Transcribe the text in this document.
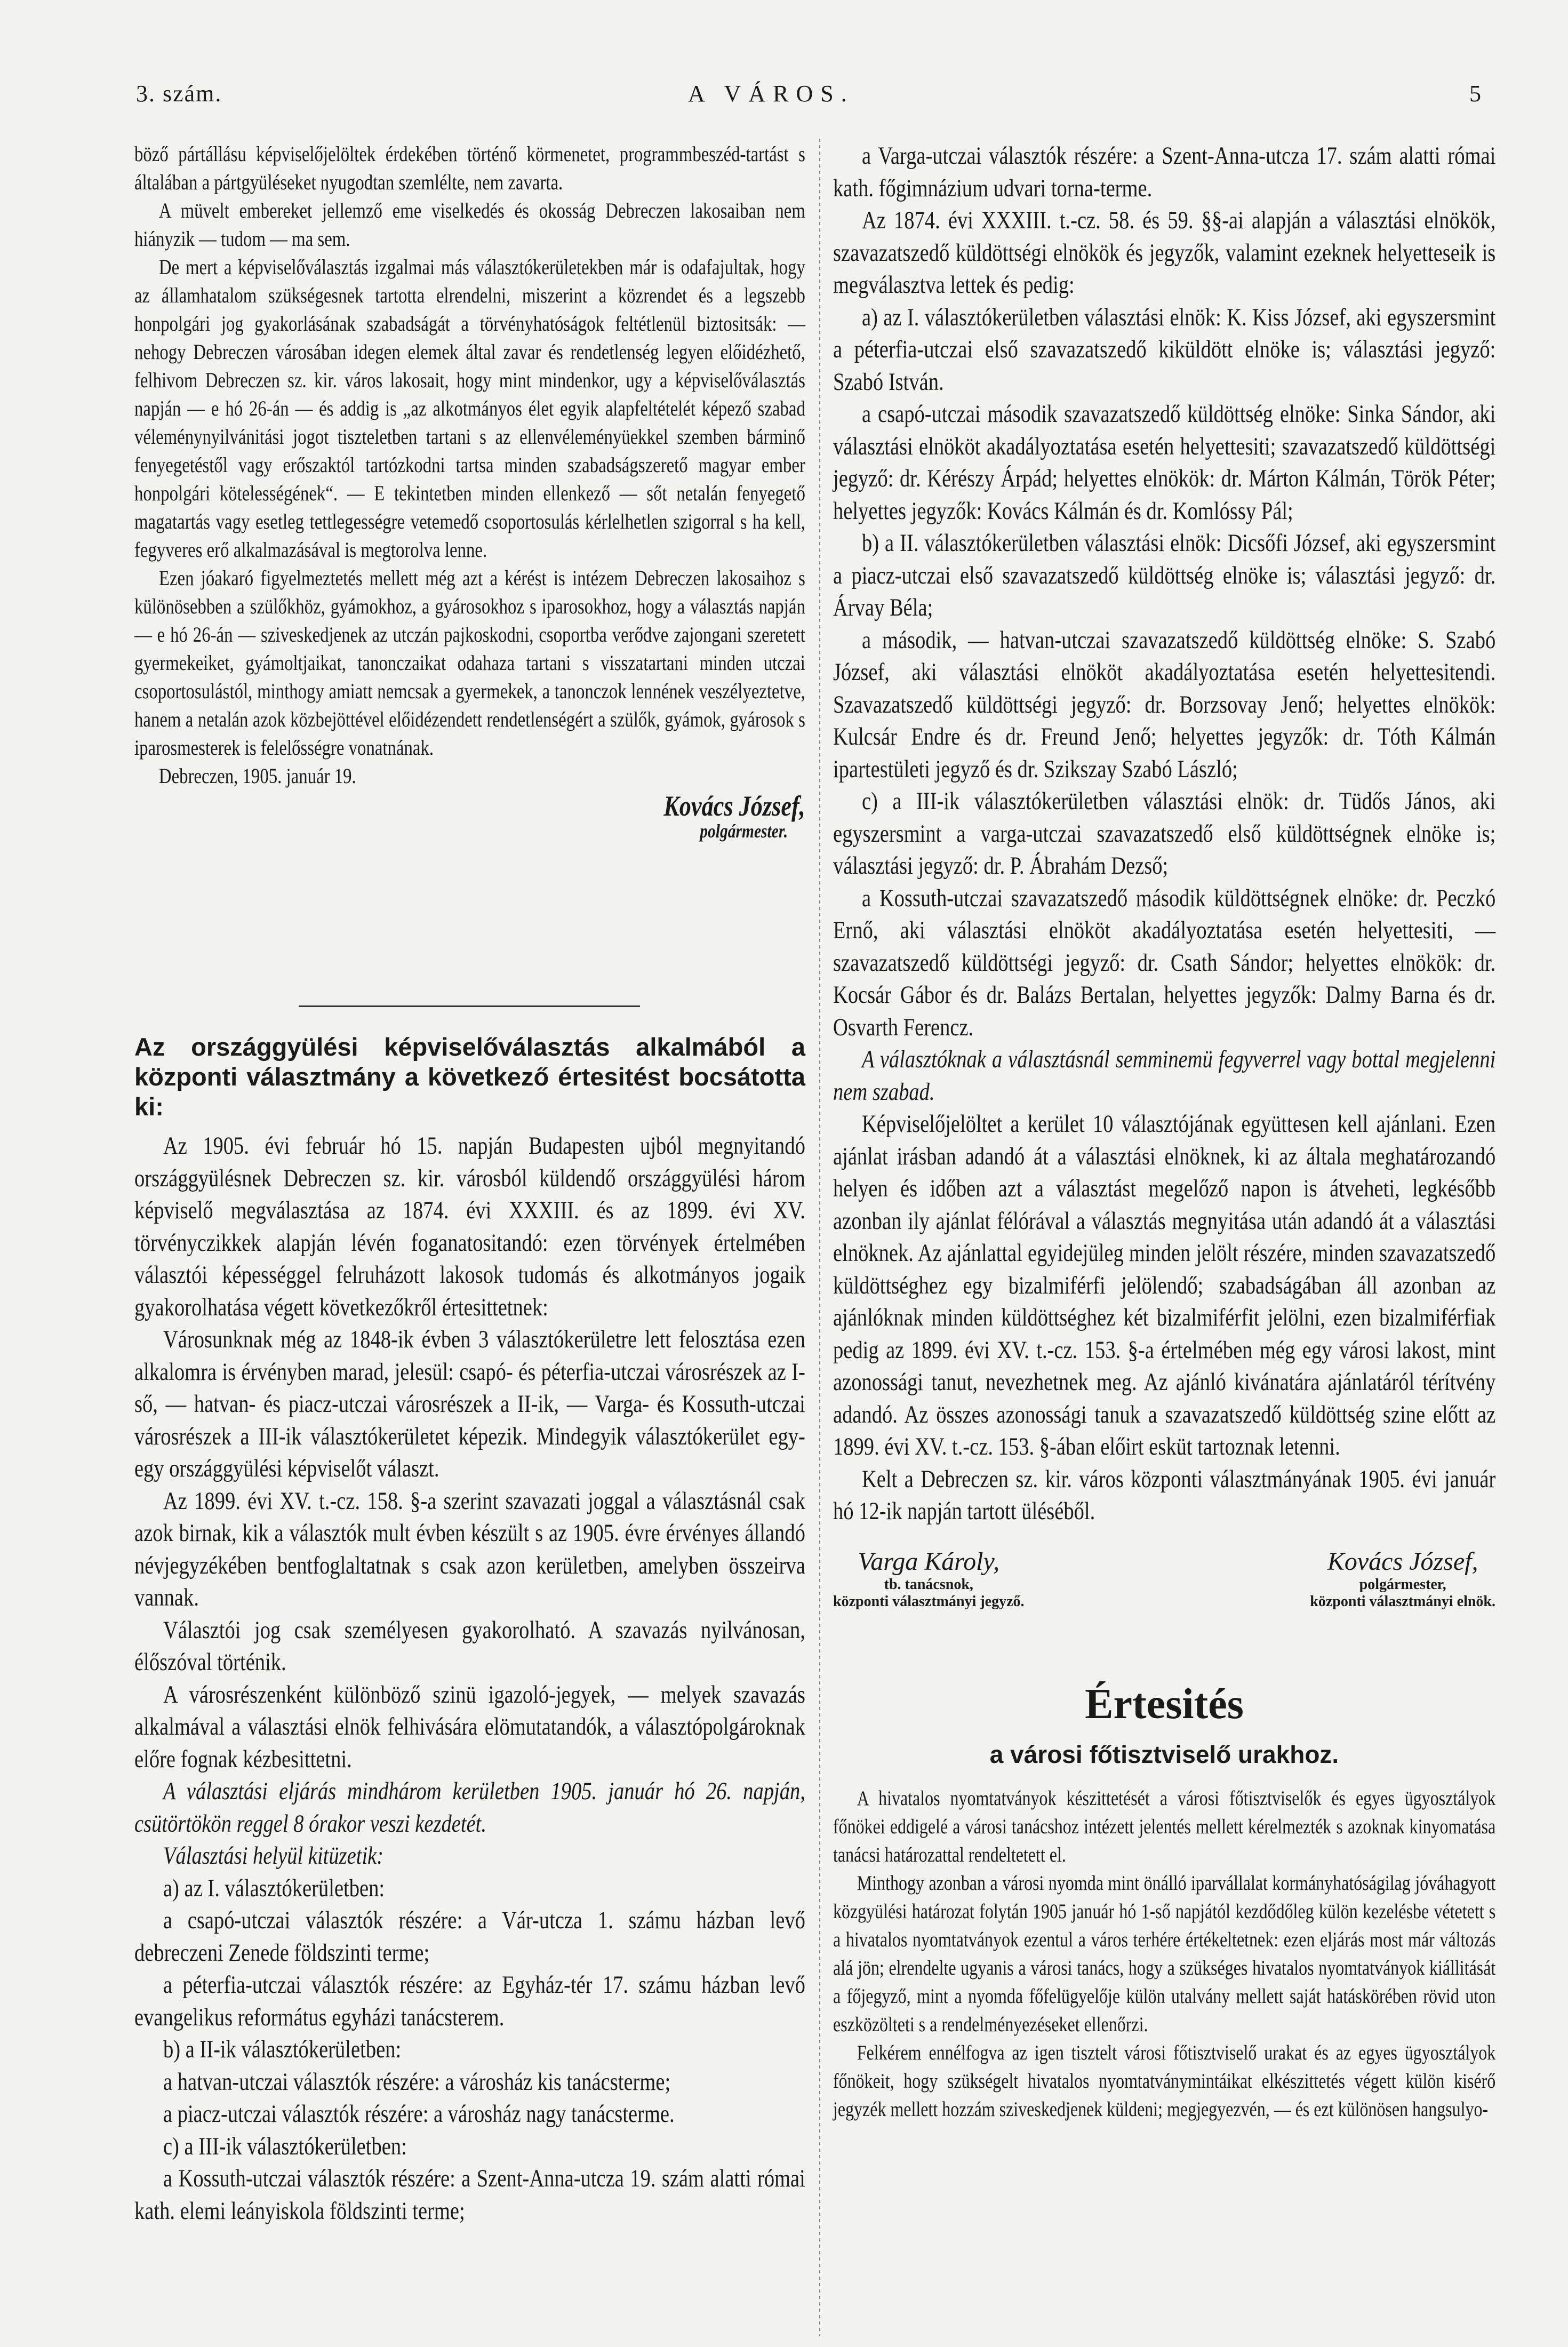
3. szám.	A VÁROS.	5

böző pártállásu képviselőjelöltek érdekében történő körmenetet, programmbeszéd-tartást s általában a pártgyüléseket nyugodtan szemlélte, nem zavarta.

A müvelt embereket jellemző eme viselkedés és okosság Debreczen lakosaiban nem hiányzik — tudom — ma sem.

De mert a képviselőválasztás izgalmai más választókerületekben már is odafajultak, hogy az államhatalom szükségesnek tartotta elrendelni, miszerint a közrendet és a legszebb honpolgári jog gyakorlásának szabadságát a törvényhatóságok feltétlenül biztositsák: — nehogy Debreczen városában idegen elemek által zavar és rendetlenség legyen előidézhető, felhivom Debreczen sz. kir. város lakosait, hogy mint mindenkor, ugy a képviselőválasztás napján — e hó 26-án — és addig is „az alkotmányos élet egyik alapfeltételét képező szabad véleménynyilvánitási jogot tiszteletben tartani s az ellenvéleményüekkel szemben bárminő fenyegetéstől vagy erőszaktól tartózkodni tartsa minden szabadságszerető magyar ember honpolgári kötelességének“. — E tekintetben minden ellenkező — sőt netalán fenyegető magatartás vagy esetleg tettlegességre vetemedő csoportosulás kérlelhetlen szigorral s ha kell, fegyveres erő alkalmazásával is megtorolva lenne.

Ezen jóakaró figyelmeztetés mellett még azt a kérést is intézem Debreczen lakosaihoz s különösebben a szülőkhöz, gyámokhoz, a gyárosokhoz s iparosokhoz, hogy a választás napján — e hó 26-án — sziveskedjenek az utczán pajkoskodni, csoportba verődve zajongani szeretett gyermekeiket, gyámoltjaikat, tanonczaikat odahaza tartani s visszatartani minden utczai csoportosulástól, minthogy amiatt nemcsak a gyermekek, a tanonczok lennének veszélyeztetve, hanem a netalán azok közbejöttével előidézendett rendetlenségért a szülők, gyámok, gyárosok s iparosmesterek is felelősségre vonatnának.

Debreczen, 1905. január 19.

Kovács József,
polgármester.
Az országgyülési képviselőválasztás alkalmából a központi választmány a következő értesitést bocsátotta ki:

Az 1905. évi február hó 15. napján Budapesten ujból megnyitandó országgyülésnek Debreczen sz. kir. városból küldendő országgyülési három képviselő megválasztása az 1874. évi XXXIII. és az 1899. évi XV. törvényczikkek alapján lévén foganatositandó: ezen törvények értelmében választói képességgel felruházott lakosok tudomás és alkotmányos jogaik gyakorolhatása végett következőkről értesittetnek:

Városunknak még az 1848-ik évben 3 választókerületre lett felosztása ezen alkalomra is érvényben marad, jelesül: csapó- és péterfia-utczai városrészek az I-ső, — hatvan- és piacz-utczai városrészek a II-ik, — Varga- és Kossuth-utczai városrészek a III-ik választókerületet képezik. Mindegyik választókerület egy-egy országgyülési képviselőt választ.

Az 1899. évi XV. t.-cz. 158. §-a szerint szavazati joggal a választásnál csak azok birnak, kik a választók mult évben készült s az 1905. évre érvényes állandó névjegyzékében bentfoglaltatnak s csak azon kerületben, amelyben összeirva vannak.

Választói jog csak személyesen gyakorolható. A szavazás nyilvánosan, élőszóval történik.

A városrészenként különböző szinü igazoló-jegyek, — melyek szavazás alkalmával a választási elnök felhivására elömutatandók, a választópolgároknak előre fognak kézbesittetni.

A választási eljárás mindhárom kerületben 1905. január hó 26. napján, csütörtökön reggel 8 órakor veszi kezdetét.

Választási helyül kitüzetik:

a) az I. választókerületben:

a csapó-utczai választók részére: a Vár-utcza 1. számu házban levő debreczeni Zenede földszinti terme;

a péterfia-utczai választók részére: az Egyház-tér 17. számu házban levő evangelikus református egyházi tanácsterem.

b) a II-ik választókerületben:

a hatvan-utczai választók részére: a városház kis tanácsterme;

a piacz-utczai választók részére: a városház nagy tanácsterme.

c) a III-ik választókerületben:

a Kossuth-utczai választók részére: a Szent-Anna-utcza 19. szám alatti római kath. elemi leányiskola földszinti terme;

a Varga-utczai választók részére: a Szent-Anna-utcza 17. szám alatti római kath. főgimnázium udvari torna-terme.

Az 1874. évi XXXIII. t.-cz. 58. és 59. §§-ai alapján a választási elnökök, szavazatszedő küldöttségi elnökök és jegyzők, valamint ezeknek helyetteseik is megválasztva lettek és pedig:

a) az I. választókerületben választási elnök: K. Kiss József, aki egyszersmint a péterfia-utczai első szavazatszedő kiküldött elnöke is; választási jegyző: Szabó István.

a csapó-utczai második szavazatszedő küldöttség elnöke: Sinka Sándor, aki választási elnököt akadályoztatása esetén helyettesiti; szavazatszedő küldöttségi jegyző: dr. Kérészy Árpád; helyettes elnökök: dr. Márton Kálmán, Török Péter; helyettes jegyzők: Kovács Kálmán és dr. Komlóssy Pál;

b) a II. választókerületben választási elnök: Dicsőfi József, aki egyszersmint a piacz-utczai első szavazatszedő küldöttség elnöke is; választási jegyző: dr. Árvay Béla;

a második, — hatvan-utczai szavazatszedő küldöttség elnöke: S. Szabó József, aki választási elnököt akadályoztatása esetén helyettesitendi. Szavazatszedő küldöttségi jegyző: dr. Borzsovay Jenő; helyettes elnökök: Kulcsár Endre és dr. Freund Jenő; helyettes jegyzők: dr. Tóth Kálmán ipartestületi jegyző és dr. Szikszay Szabó László;

c) a III-ik választókerületben választási elnök: dr. Tüdős János, aki egyszersmint a varga-utczai szavazatszedő első küldöttségnek elnöke is; választási jegyző: dr. P. Ábrahám Dezső;

a Kossuth-utczai szavazatszedő második küldöttségnek elnöke: dr. Peczkó Ernő, aki választási elnököt akadályoztatása esetén helyettesiti, — szavazatszedő küldöttségi jegyző: dr. Csath Sándor; helyettes elnökök: dr. Kocsár Gábor és dr. Balázs Bertalan, helyettes jegyzők: Dalmy Barna és dr. Osvarth Ferencz.

A választóknak a választásnál semminemü fegyverrel vagy bottal megjelenni nem szabad.

Képviselőjelöltet a kerület 10 választójának együttesen kell ajánlani. Ezen ajánlat irásban adandó át a választási elnöknek, ki az általa meghatározandó helyen és időben azt a választást megelőző napon is átveheti, legkésőbb azonban ily ajánlat félórával a választás megnyitása után adandó át a választási elnöknek. Az ajánlattal egyidejüleg minden jelölt részére, minden szavazatszedő küldöttséghez egy bizalmiférfi jelölendő; szabadságában áll azonban az ajánlóknak minden küldöttséghez két bizalmiférfit jelölni, ezen bizalmiférfiak pedig az 1899. évi XV. t.-cz. 153. §-a értelmében még egy városi lakost, mint azonossági tanut, nevezhetnek meg. Az ajánló kivánatára ajánlatáról térítvény adandó. Az összes azonossági tanuk a szavazatszedő küldöttség szine előtt az 1899. évi XV. t.-cz. 153. §-ában előirt esküt tartoznak letenni.

Kelt a Debreczen sz. kir. város központi választmányának 1905. évi január hó 12-ik napján tartott üléséből.

Varga Károly,
tb. tanácsnok,
központi választmányi jegyző.
Kovács József,
polgármester,
központi választmányi elnök.
Értesités
a városi főtisztviselő urakhoz.

A hivatalos nyomtatványok készittetését a városi főtisztviselők és egyes ügyosztályok főnökei eddigelé a városi tanácshoz intézett jelentés mellett kérelmezték s azoknak kinyomatása tanácsi határozattal rendeltetett el.

Minthogy azonban a városi nyomda mint önálló iparvállalat kormányhatóságilag jóváhagyott közgyülési határozat folytán 1905 január hó 1-ső napjától kezdődőleg külön kezelésbe vétetett s a hivatalos nyomtatványok ezentul a város terhére értékeltetnek: ezen eljárás most már változás alá jön; elrendelte ugyanis a városi tanács, hogy a szükséges hivatalos nyomtatványok kiállitását a főjegyző, mint a nyomda főfelügyelője külön utalvány mellett saját hatáskörében rövid uton eszközölteti s a rendelményezéseket ellenőrzi.

Felkérem ennélfogva az igen tisztelt városi főtisztviselő urakat és az egyes ügyosztályok főnökeit, hogy szükségelt hivatalos nyomtatványmintáikat elkészittetés végett külön kisérő jegyzék mellett hozzám sziveskedjenek küldeni; megjegyezvén, — és ezt különösen hangsulyo-
